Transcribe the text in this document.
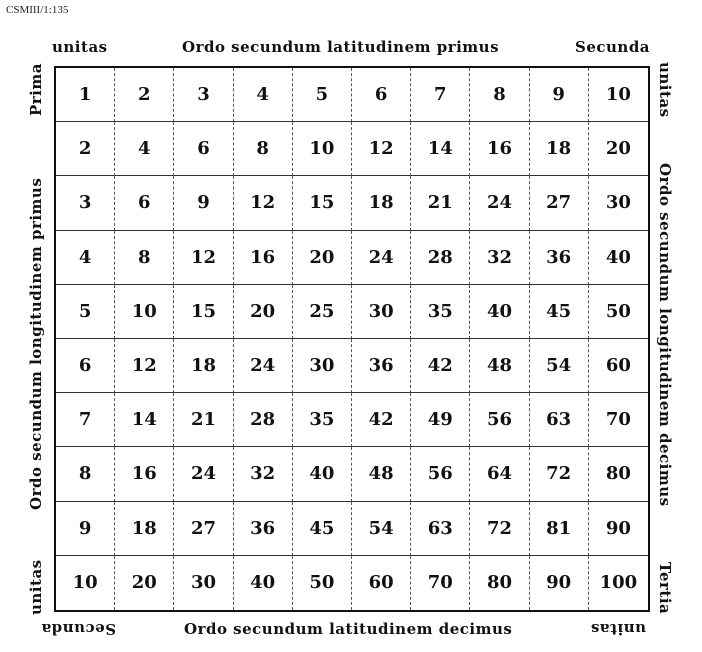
CSMIII/1:135
unitas	Ordo secundum latitudinem primus	Secunda
Secunda	Ordo secundum latitudinem decimus	unitas
Prima
Ordo secundum longitudinem primus
unitas
unitas
Ordo secundum longitudinem decimus
Tertia
1	2	3	4	5	6	7	8	9	10
2	4	6	8	10	12	14	16	18	20
3	6	9	12	15	18	21	24	27	30
4	8	12	16	20	24	28	32	36	40
5	10	15	20	25	30	35	40	45	50
6	12	18	24	30	36	42	48	54	60
7	14	21	28	35	42	49	56	63	70
8	16	24	32	40	48	56	64	72	80
9	18	27	36	45	54	63	72	81	90
10	20	30	40	50	60	70	80	90	100
